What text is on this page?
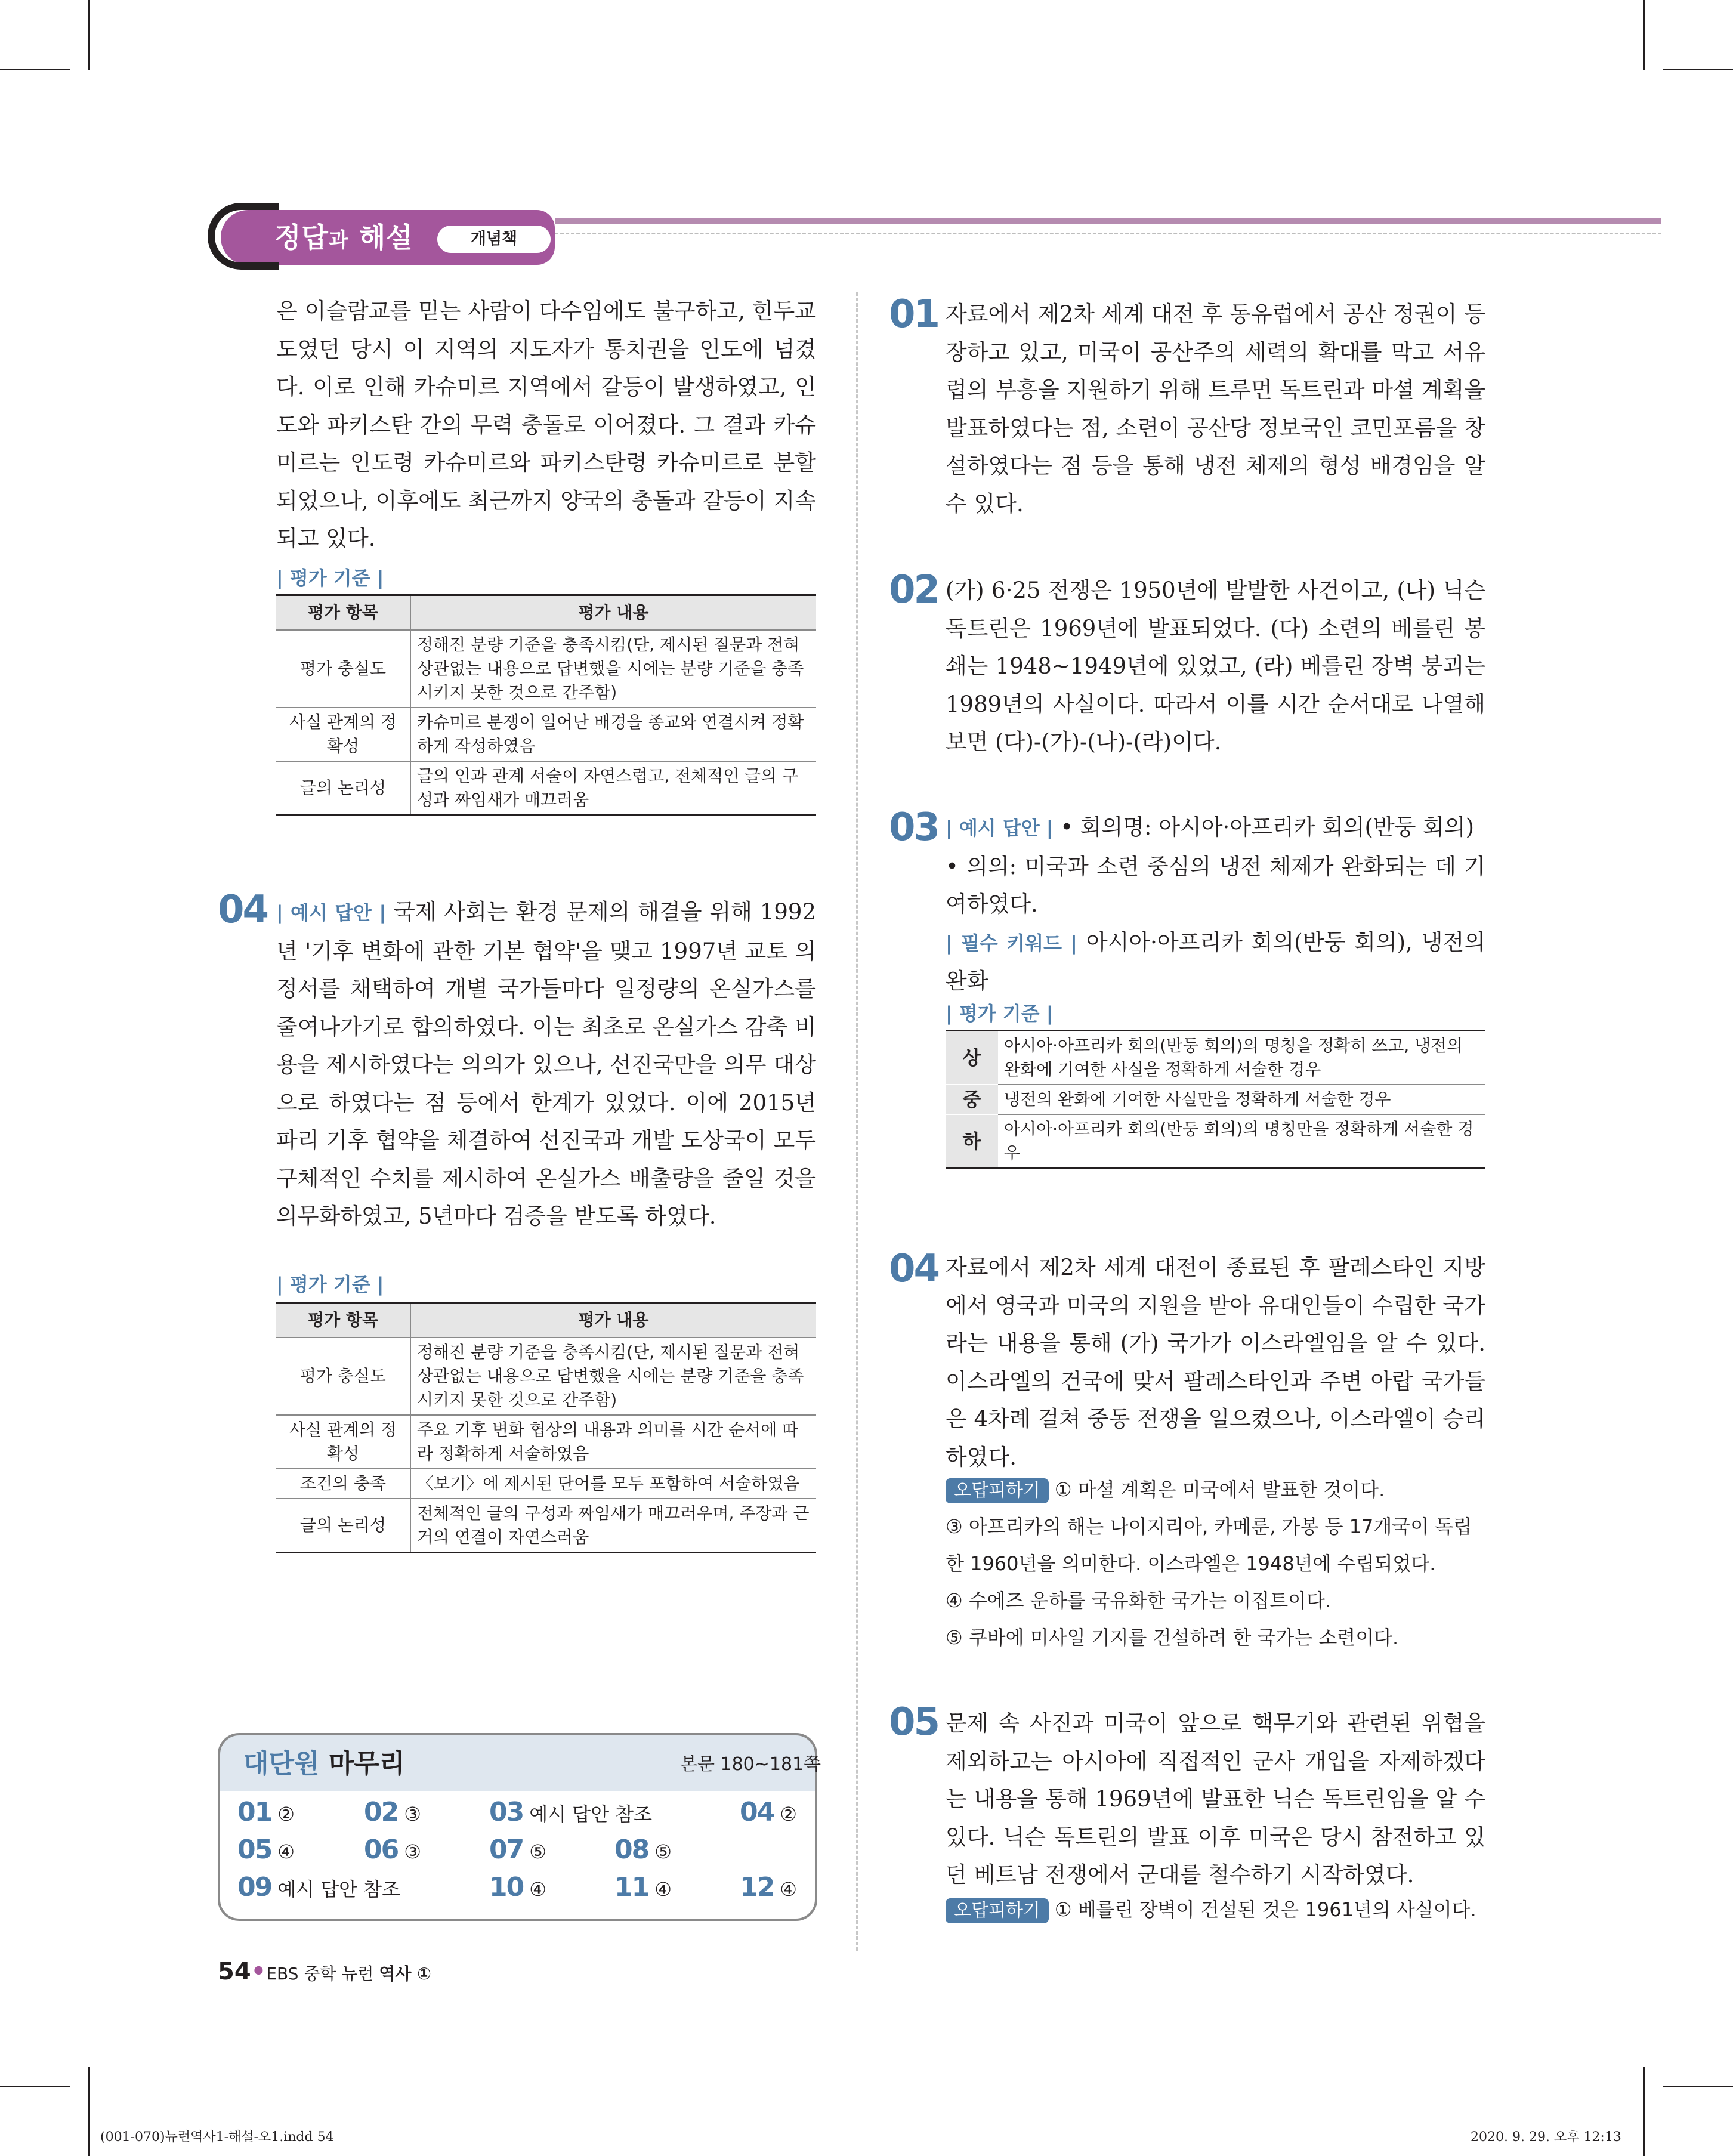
정답과 해설	개념책
은 이슬람교를 믿는 사람이 다수임에도 불구하고, 힌두교도였던 당시 이 지역의 지도자가 통치권을 인도에 넘겼다. 이로 인해 카슈미르 지역에서 갈등이 발생하였고, 인도와 파키스탄 간의 무력 충돌로 이어졌다. 그 결과 카슈미르는 인도령 카슈미르와 파키스탄령 카슈미르로 분할되었으나, 이후에도 최근까지 양국의 충돌과 갈등이 지속되고 있다.
| 평가 기준 |
평가 항목	평가 내용
평가 충실도	정해진 분량 기준을 충족시킴(단, 제시된 질문과 전혀 상관없는 내용으로 답변했을 시에는 분량 기준을 충족시키지 못한 것으로 간주함)
사실 관계의 정확성	카슈미르 분쟁이 일어난 배경을 종교와 연결시켜 정확하게 작성하였음
글의 논리성	글의 인과 관계 서술이 자연스럽고, 전체적인 글의 구성과 짜임새가 매끄러움
04 | 예시 답안 | 국제 사회는 환경 문제의 해결을 위해 1992년 '기후 변화에 관한 기본 협약'을 맺고 1997년 교토 의정서를 채택하여 개별 국가들마다 일정량의 온실가스를 줄여나가기로 합의하였다. 이는 최초로 온실가스 감축 비용을 제시하였다는 의의가 있으나, 선진국만을 의무 대상으로 하였다는 점 등에서 한계가 있었다. 이에 2015년 파리 기후 협약을 체결하여 선진국과 개발 도상국이 모두 구체적인 수치를 제시하여 온실가스 배출량을 줄일 것을 의무화하였고, 5년마다 검증을 받도록 하였다.
| 평가 기준 |
평가 항목	평가 내용
평가 충실도	정해진 분량 기준을 충족시킴(단, 제시된 질문과 전혀 상관없는 내용으로 답변했을 시에는 분량 기준을 충족시키지 못한 것으로 간주함)
사실 관계의 정확성	주요 기후 변화 협상의 내용과 의미를 시간 순서에 따라 정확하게 서술하였음
조건의 충족	〈보기〉에 제시된 단어를 모두 포함하여 서술하였음
글의 논리성	전체적인 글의 구성과 짜임새가 매끄러우며, 주장과 근거의 연결이 자연스러움
대단원 마무리	본문 180~181쪽
01 ②	02 ③	03 예시 답안 참조	04 ②
05 ④	06 ③	07 ⑤	08 ⑤
09 예시 답안 참조	10 ④	11 ④	12 ④
01 자료에서 제2차 세계 대전 후 동유럽에서 공산 정권이 등장하고 있고, 미국이 공산주의 세력의 확대를 막고 서유럽의 부흥을 지원하기 위해 트루먼 독트린과 마셜 계획을 발표하였다는 점, 소련이 공산당 정보국인 코민포름을 창설하였다는 점 등을 통해 냉전 체제의 형성 배경임을 알 수 있다.
02 (가) 6·25 전쟁은 1950년에 발발한 사건이고, (나) 닉슨 독트린은 1969년에 발표되었다. (다) 소련의 베를린 봉쇄는 1948~1949년에 있었고, (라) 베를린 장벽 붕괴는 1989년의 사실이다. 따라서 이를 시간 순서대로 나열해 보면 (다)-(가)-(나)-(라)이다.
03 | 예시 답안 | • 회의명: 아시아·아프리카 회의(반둥 회의)
• 의의: 미국과 소련 중심의 냉전 체제가 완화되는 데 기여하였다.
| 필수 키워드 | 아시아·아프리카 회의(반둥 회의), 냉전의 완화
| 평가 기준 |
상	아시아·아프리카 회의(반둥 회의)의 명칭을 정확히 쓰고, 냉전의 완화에 기여한 사실을 정확하게 서술한 경우
중	냉전의 완화에 기여한 사실만을 정확하게 서술한 경우
하	아시아·아프리카 회의(반둥 회의)의 명칭만을 정확하게 서술한 경우
04 자료에서 제2차 세계 대전이 종료된 후 팔레스타인 지방에서 영국과 미국의 지원을 받아 유대인들이 수립한 국가라는 내용을 통해 (가) 국가가 이스라엘임을 알 수 있다. 이스라엘의 건국에 맞서 팔레스타인과 주변 아랍 국가들은 4차례 걸쳐 중동 전쟁을 일으켰으나, 이스라엘이 승리하였다.
오답피하기 ① 마셜 계획은 미국에서 발표한 것이다.
③ 아프리카의 해는 나이지리아, 카메룬, 가봉 등 17개국이 독립한 1960년을 의미한다. 이스라엘은 1948년에 수립되었다.
④ 수에즈 운하를 국유화한 국가는 이집트이다.
⑤ 쿠바에 미사일 기지를 건설하려 한 국가는 소련이다.
05 문제 속 사진과 미국이 앞으로 핵무기와 관련된 위협을 제외하고는 아시아에 직접적인 군사 개입을 자제하겠다는 내용을 통해 1969년에 발표한 닉슨 독트린임을 알 수 있다. 닉슨 독트린의 발표 이후 미국은 당시 참전하고 있던 베트남 전쟁에서 군대를 철수하기 시작하였다.
오답피하기 ① 베를린 장벽이 건설된 것은 1961년의 사실이다.
54•EBS 중학 뉴런 역사 ①
(001-070)뉴런역사1-해설-오1.indd 54	2020. 9. 29. 오후 12:13
